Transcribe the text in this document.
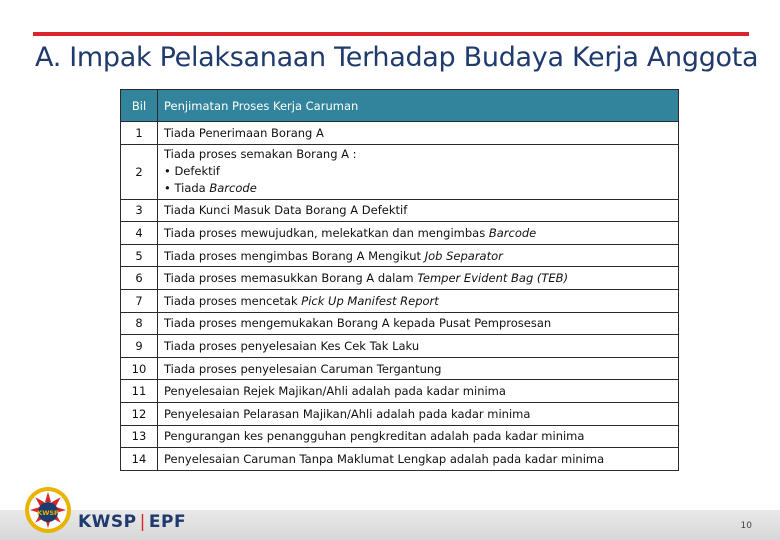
A. Impak Pelaksanaan Terhadap Budaya Kerja Anggota
Bil	Penjimatan Proses Kerja Caruman
1	Tiada Penerimaan Borang A
2	Tiada proses semakan Borang A :
• Defektif
• Tiada Barcode

3	Tiada Kunci Masuk Data Borang A Defektif
4	Tiada proses mewujudkan, melekatkan dan mengimbas Barcode
5	Tiada proses mengimbas Borang A Mengikut Job Separator
6	Tiada proses memasukkan Borang A dalam Temper Evident Bag (TEB)
7	Tiada proses mencetak Pick Up Manifest Report
8	Tiada proses mengemukakan Borang A kepada Pusat Pemprosesan
9	Tiada proses penyelesaian Kes Cek Tak Laku
10	Tiada proses penyelesaian Caruman Tergantung
11	Penyelesaian Rejek Majikan/Ahli adalah pada kadar minima
12	Penyelesaian Pelarasan Majikan/Ahli adalah pada kadar minima
13	Pengurangan kes penangguhan pengkreditan adalah pada kadar minima
14	Penyelesaian Caruman Tanpa Maklumat Lengkap adalah pada kadar minima
KWSP KWSP | EPF	10
